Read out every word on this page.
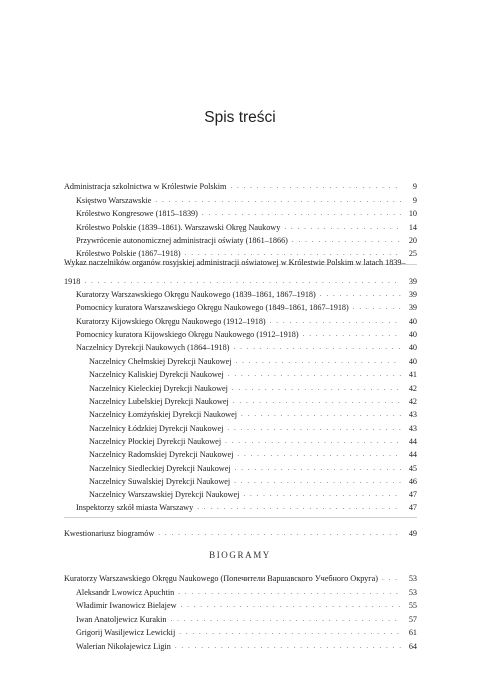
Spis treści
Administracja szkolnictwa w Królestwie Polskim . . .	9
Księstwo Warszawskie . . .	9
Królestwo Kongresowe (1815–1839) . . .	10
Królestwo Polskie (1839–1861). Warszawski Okręg Naukowy . . .	14
Przywrócenie autonomicznej administracji oświaty (1861–1866) . . .	20
Królestwo Polskie (1867–1918) . . .	25
Wykaz naczelników organów rosyjskiej administracji oświatowej w Królestwie Polskim w latach 1839–
1918 . . .	39
Kuratorzy Warszawskiego Okręgu Naukowego (1839–1861, 1867–1918) . . .	39
Pomocnicy kuratora Warszawskiego Okręgu Naukowego (1849–1861, 1867–1918) . . .	39
Kuratorzy Kijowskiego Okręgu Naukowego (1912–1918) . . .	40
Pomocnicy kuratora Kijowskiego Okręgu Naukowego (1912–1918) . . .	40
Naczelnicy Dyrekcji Naukowych (1864–1918) . . .	40
Naczelnicy Chełmskiej Dyrekcji Naukowej . . .	40
Naczelnicy Kaliskiej Dyrekcji Naukowej . . .	41
Naczelnicy Kieleckiej Dyrekcji Naukowej . . .	42
Naczelnicy Lubelskiej Dyrekcji Naukowej . . .	42
Naczelnicy Łomżyńskiej Dyrekcji Naukowej . . .	43
Naczelnicy Łódzkiej Dyrekcji Naukowej . . .	43
Naczelnicy Płockiej Dyrekcji Naukowej . . .	44
Naczelnicy Radomskiej Dyrekcji Naukowej . . .	44
Naczelnicy Siedleckiej Dyrekcji Naukowej . . .	45
Naczelnicy Suwalskiej Dyrekcji Naukowej . . .	46
Naczelnicy Warszawskiej Dyrekcji Naukowej . . .	47
Inspektorzy szkół miasta Warszawy . . .	47
Kwestionariusz biogramów . . .	49
BIOGRAMY
Kuratorzy Warszawskiego Okręgu Naukowego (Попечители Варшавского Учебного Округа) . . .	53
Aleksandr Lwowicz Apuchtin . . .	53
Władimir Iwanowicz Bielajew . . .	55
Iwan Anatoljewicz Kurakin . . .	57
Grigorij Wasiljewicz Lewickij . . .	61
Walerian Nikołajewicz Ligin . . .	64
